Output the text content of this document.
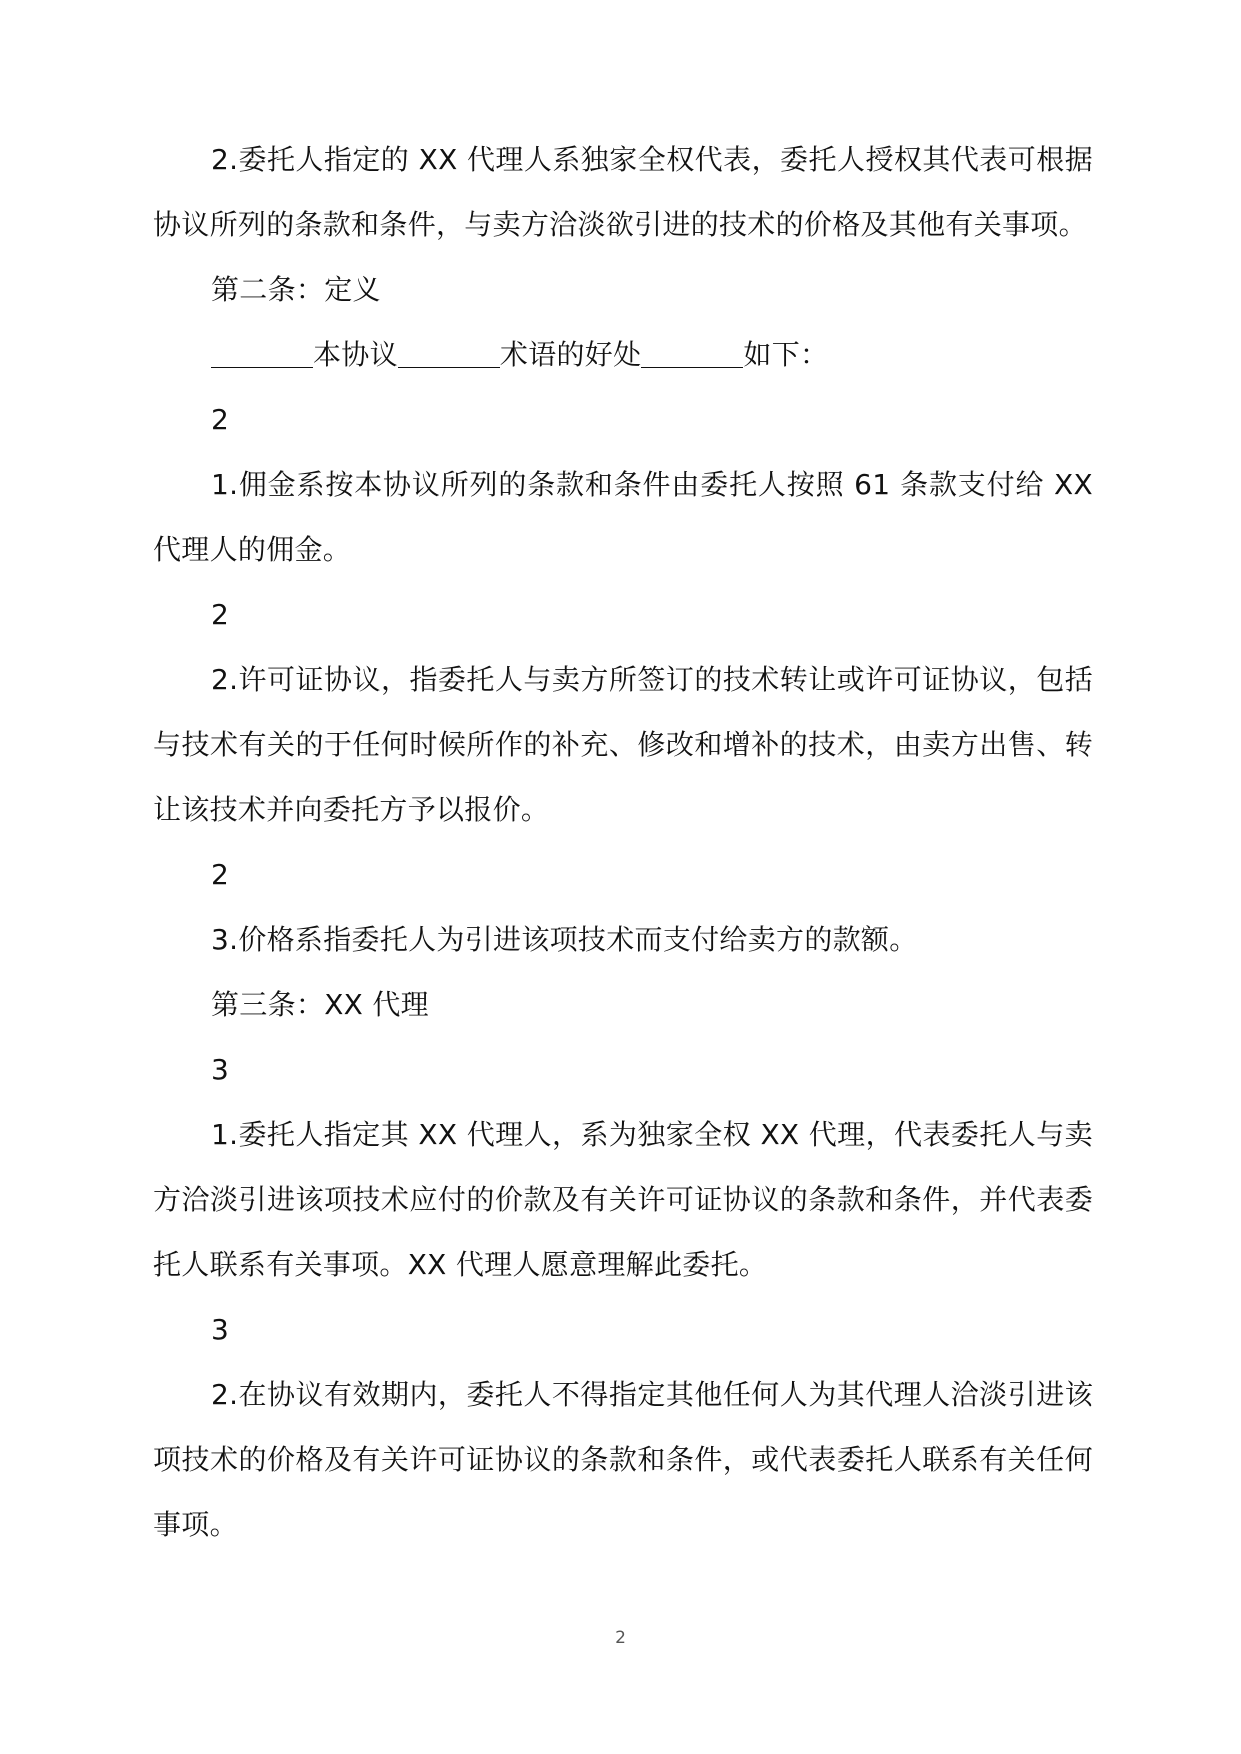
2.委托人指定的 XX 代理人系独家全权代表，委托人授权其代表可根据协议所列的条款和条件，与卖方洽淡欲引进的技术的价格及其他有关事项。

第二条：定义

本协议	术语的好处	如下：

2

1.佣金系按本协议所列的条款和条件由委托人按照 61 条款支付给 XX 代理人的佣金。

2

2.许可证协议，指委托人与卖方所签订的技术转让或许可证协议，包括与技术有关的于任何时候所作的补充、修改和增补的技术，由卖方出售、转让该技术并向委托方予以报价。

2

3.价格系指委托人为引进该项技术而支付给卖方的款额。

第三条：XX 代理

3

1.委托人指定其 XX 代理人，系为独家全权 XX 代理，代表委托人与卖方洽淡引进该项技术应付的价款及有关许可证协议的条款和条件，并代表委托人联系有关事项。XX 代理人愿意理解此委托。

3

2.在协议有效期内，委托人不得指定其他任何人为其代理人洽淡引进该项技术的价格及有关许可证协议的条款和条件，或代表委托人联系有关任何事项。

2
